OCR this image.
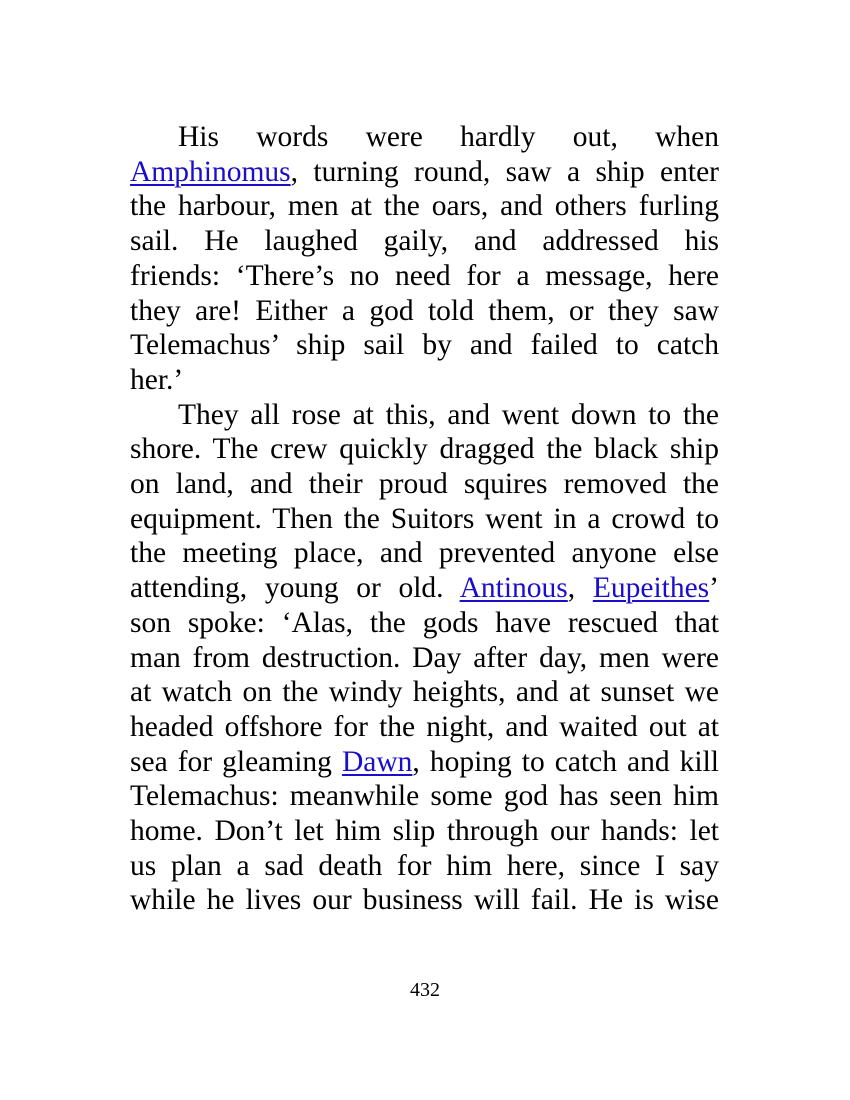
His words were hardly out, when
Amphinomus, turning round, saw a ship enter
the harbour, men at the oars, and others furling
sail. He laughed gaily, and addressed his
friends: ‘There’s no need for a message, here
they are! Either a god told them, or they saw
Telemachus’ ship sail by and failed to catch
her.’
They all rose at this, and went down to the
shore. The crew quickly dragged the black ship
on land, and their proud squires removed the
equipment. Then the Suitors went in a crowd to
the meeting place, and prevented anyone else
attending, young or old. Antinous, Eupeithes’
son spoke: ‘Alas, the gods have rescued that
man from destruction. Day after day, men were
at watch on the windy heights, and at sunset we
headed offshore for the night, and waited out at
sea for gleaming Dawn, hoping to catch and kill
Telemachus: meanwhile some god has seen him
home. Don’t let him slip through our hands: let
us plan a sad death for him here, since I say
while he lives our business will fail. He is wise
432
